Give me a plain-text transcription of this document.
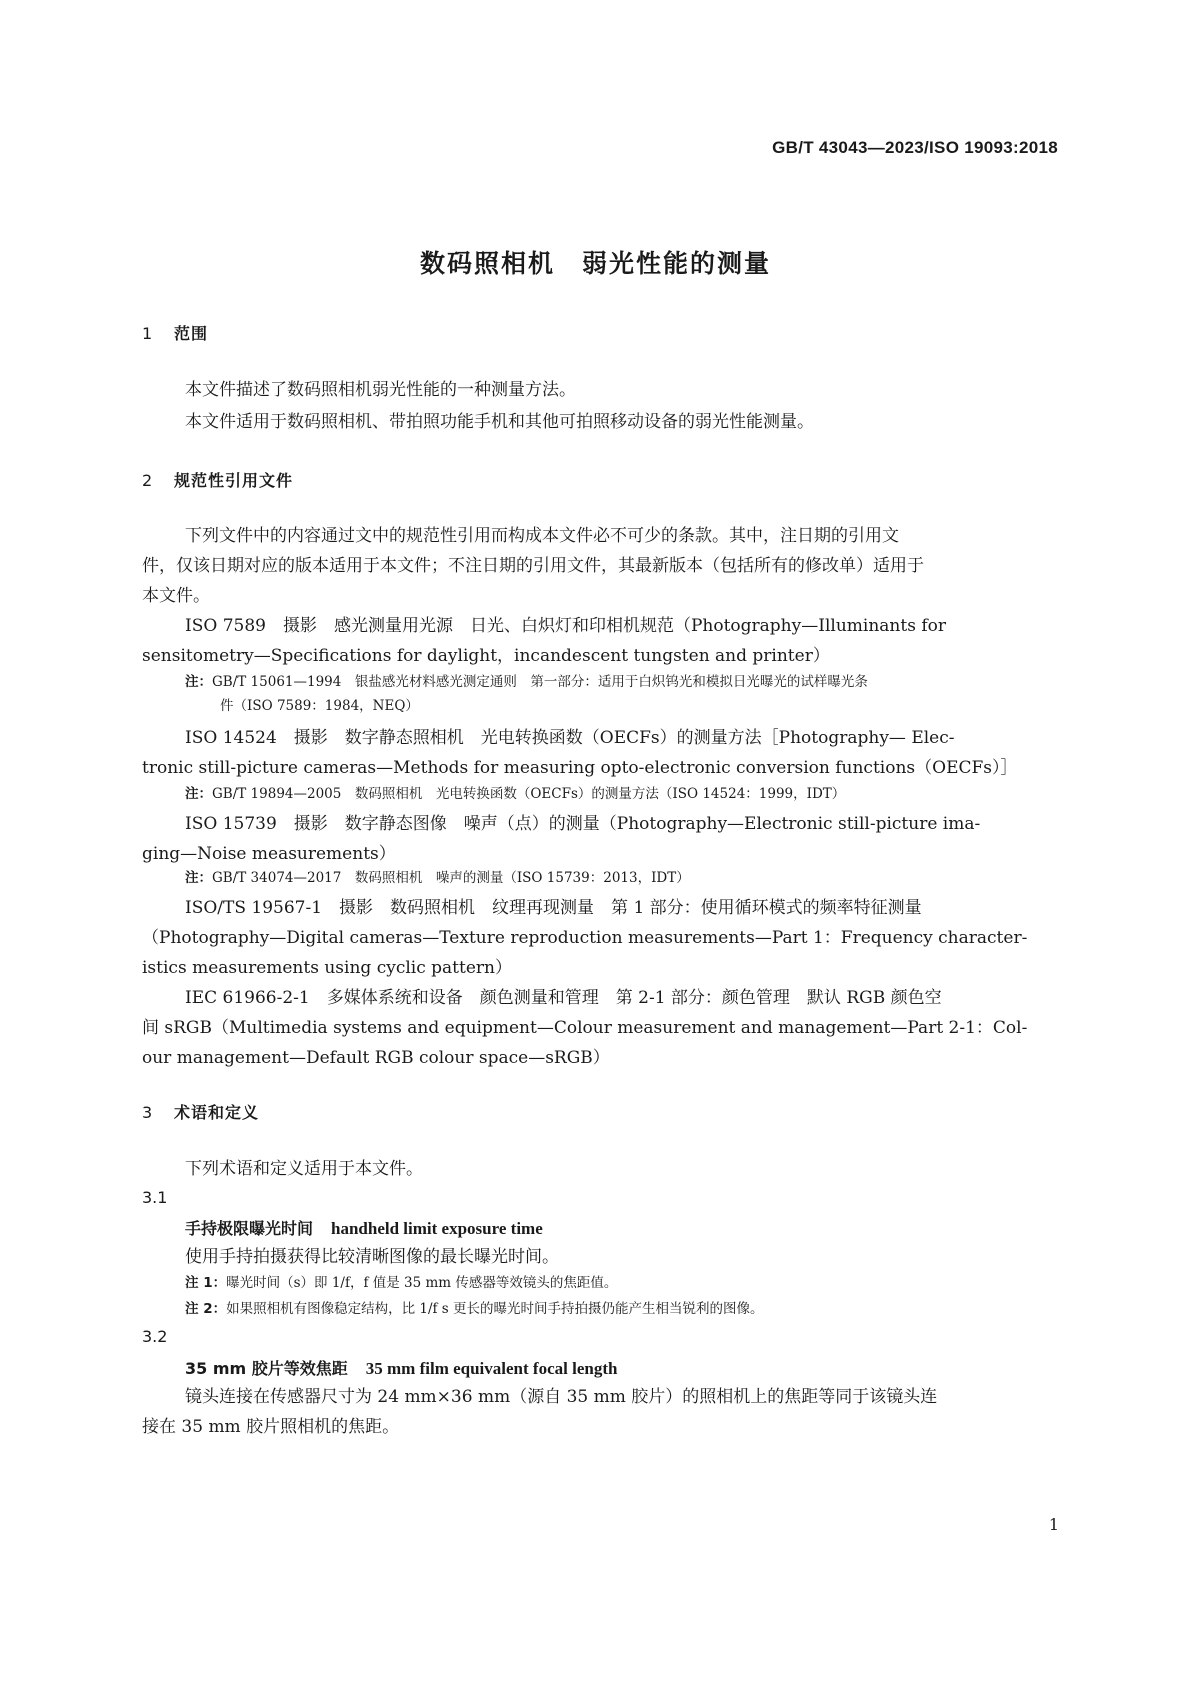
GB/T 43043—2023/ISO 19093:2018
数码照相机　弱光性能的测量
1 范围
本文件描述了数码照相机弱光性能的一种测量方法。
本文件适用于数码照相机、带拍照功能手机和其他可拍照移动设备的弱光性能测量。
2 规范性引用文件
下列文件中的内容通过文中的规范性引用而构成本文件必不可少的条款。其中，注日期的引用文
件，仅该日期对应的版本适用于本文件；不注日期的引用文件，其最新版本（包括所有的修改单）适用于
本文件。
ISO 7589　摄影　感光测量用光源　日光、白炽灯和印相机规范（Photography—Illuminants for
sensitometry—Specifications for daylight，incandescent tungsten and printer）
注：GB/T 15061—1994　银盐感光材料感光测定通则　第一部分：适用于白炽钨光和模拟日光曝光的试样曝光条
件（ISO 7589：1984，NEQ）
ISO 14524　摄影　数字静态照相机　光电转换函数（OECFs）的测量方法［Photography— Elec-
tronic still-picture cameras—Methods for measuring opto-electronic conversion functions（OECFs）］
注：GB/T 19894—2005　数码照相机　光电转换函数（OECFs）的测量方法（ISO 14524：1999，IDT）
ISO 15739　摄影　数字静态图像　噪声（点）的测量（Photography—Electronic still-picture ima-
ging—Noise measurements）
注：GB/T 34074—2017　数码照相机　噪声的测量（ISO 15739：2013，IDT）
ISO/TS 19567-1　摄影　数码照相机　纹理再现测量　第 1 部分：使用循环模式的频率特征测量
（Photography—Digital cameras—Texture reproduction measurements—Part 1：Frequency character-
istics measurements using cyclic pattern）
IEC 61966-2-1　多媒体系统和设备　颜色测量和管理　第 2-1 部分：颜色管理　默认 RGB 颜色空
间 sRGB（Multimedia systems and equipment—Colour measurement and management—Part 2-1：Col-
our management—Default RGB colour space—sRGB）
3 术语和定义
下列术语和定义适用于本文件。
3.1
手持极限曝光时间 handheld limit exposure time
使用手持拍摄获得比较清晰图像的最长曝光时间。
注 1：曝光时间（s）即 1/f，f 值是 35 mm 传感器等效镜头的焦距值。
注 2：如果照相机有图像稳定结构，比 1/f s 更长的曝光时间手持拍摄仍能产生相当锐利的图像。
3.2
35 mm 胶片等效焦距 35 mm film equivalent focal length
镜头连接在传感器尺寸为 24 mm×36 mm（源自 35 mm 胶片）的照相机上的焦距等同于该镜头连
接在 35 mm 胶片照相机的焦距。
1
